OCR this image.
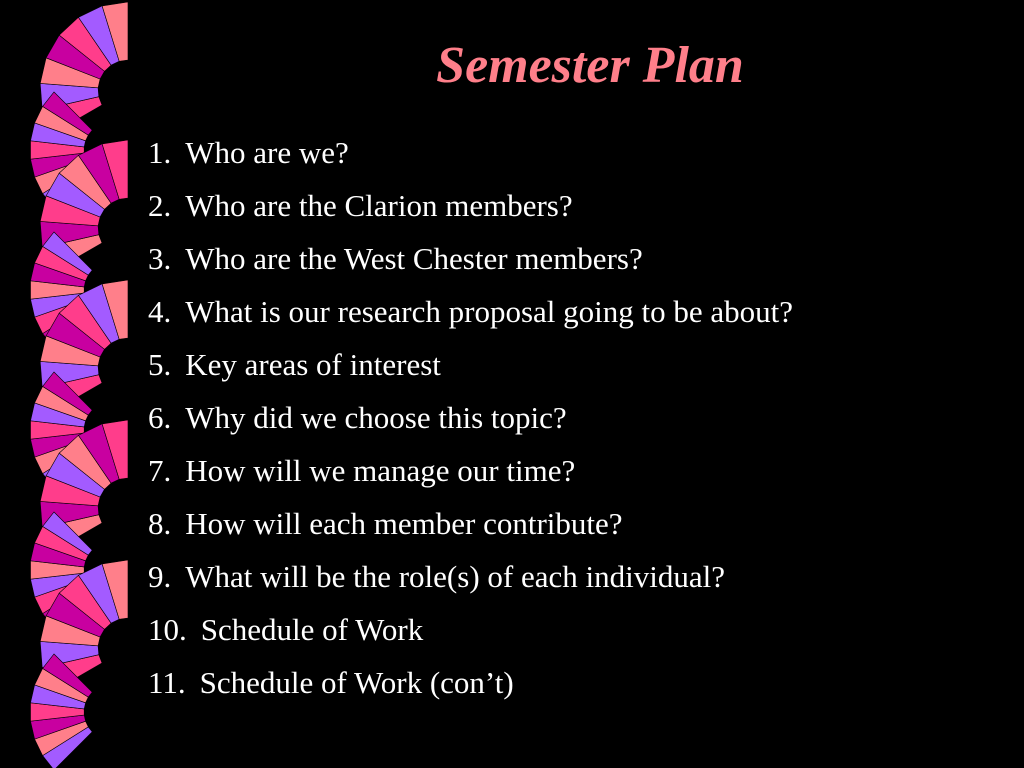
Semester Plan
1. Who are we?
2. Who are the Clarion members?
3. Who are the West Chester members?
4. What is our research proposal going to be about?
5. Key areas of interest
6. Why did we choose this topic?
7. How will we manage our time?
8. How will each member contribute?
9. What will be the role(s) of each individual?
10. Schedule of Work
11. Schedule of Work (con’t)
